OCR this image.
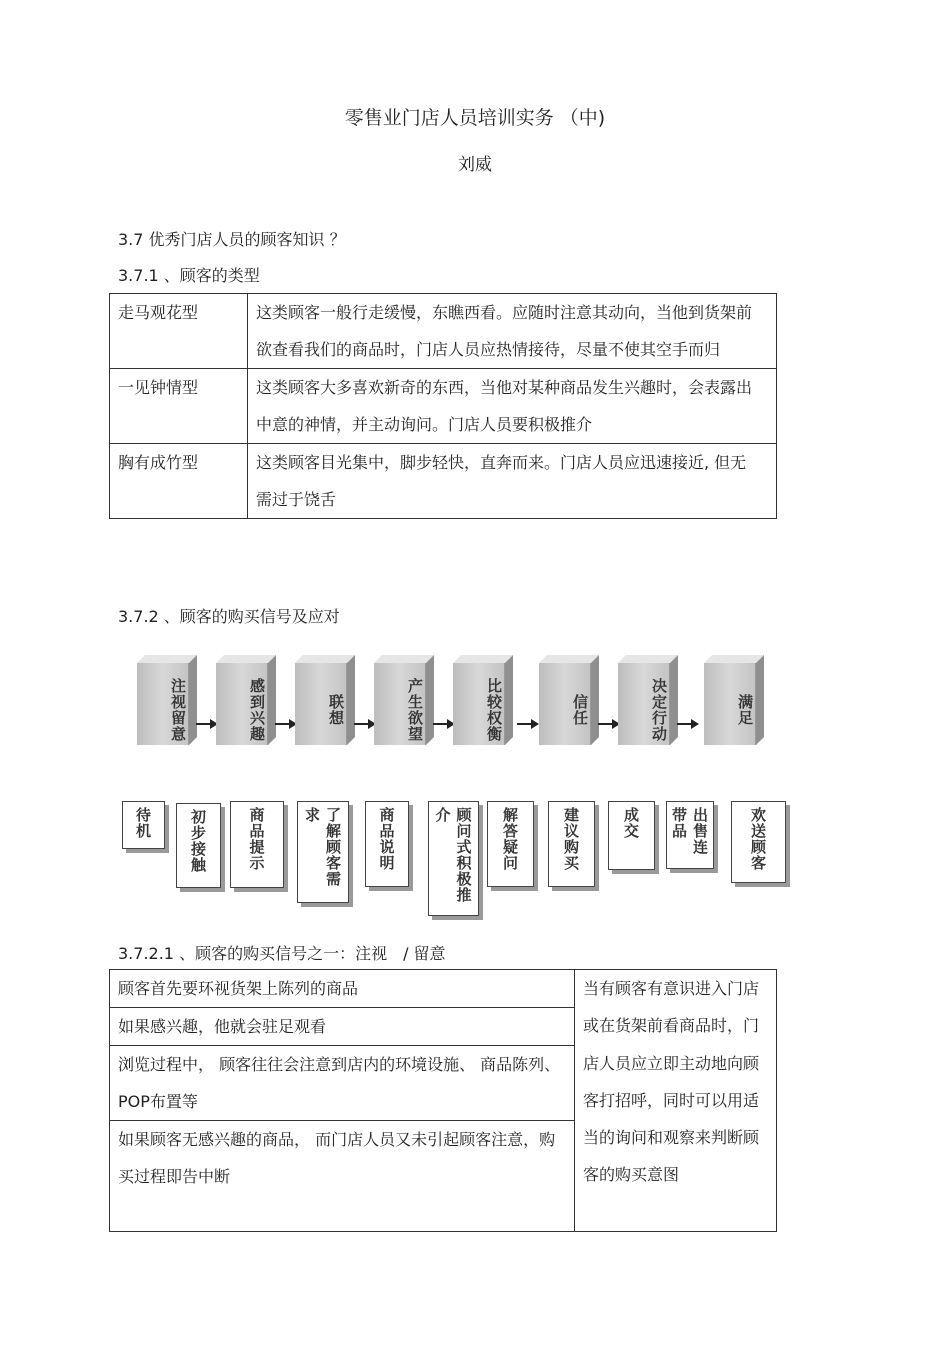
零售业门店人员培训实务 （中)
刘威
3.7 优秀门店人员的顾客知识 ？
3.7.1 、顾客的类型
走马观花型	这类顾客一般行走缓慢，东瞧西看。应随时注意其动向，当他到货架前欲查看我们的商品时，门店人员应热情接待，尽量不使其空手而归
一见钟情型	这类顾客大多喜欢新奇的东西，当他对某种商品发生兴趣时，会表露出中意的神情，并主动询问。门店人员要积极推介
胸有成竹型	这类顾客目光集中，脚步轻快，直奔而来。门店人员应迅速接近, 但无需过于饶舌
3.7.2 、顾客的购买信号及应对
注视留意	感到兴趣	联想	产生欲望	比较权衡	信任	决定行动	满足
待机 初步接触	商品提示	了解顾客需求	商品说明	顾问式积极推介	解答疑问	建议购买	成交	出售连带品	欢送顾客
3.7.2.1 、顾客的购买信号之一：注视　/ 留意
顾客首先要环视货架上陈列的商品	当有顾客有意识进入门店或在货架前看商品时，门店人员应立即主动地向顾客打招呼，同时可以用适当的询问和观察来判断顾客的购买意图
如果感兴趣，他就会驻足观看
浏览过程中， 顾客往往会注意到店内的环境设施、 商品陈列、 POP布置等
如果顾客无感兴趣的商品， 而门店人员又未引起顾客注意，购买过程即告中断
